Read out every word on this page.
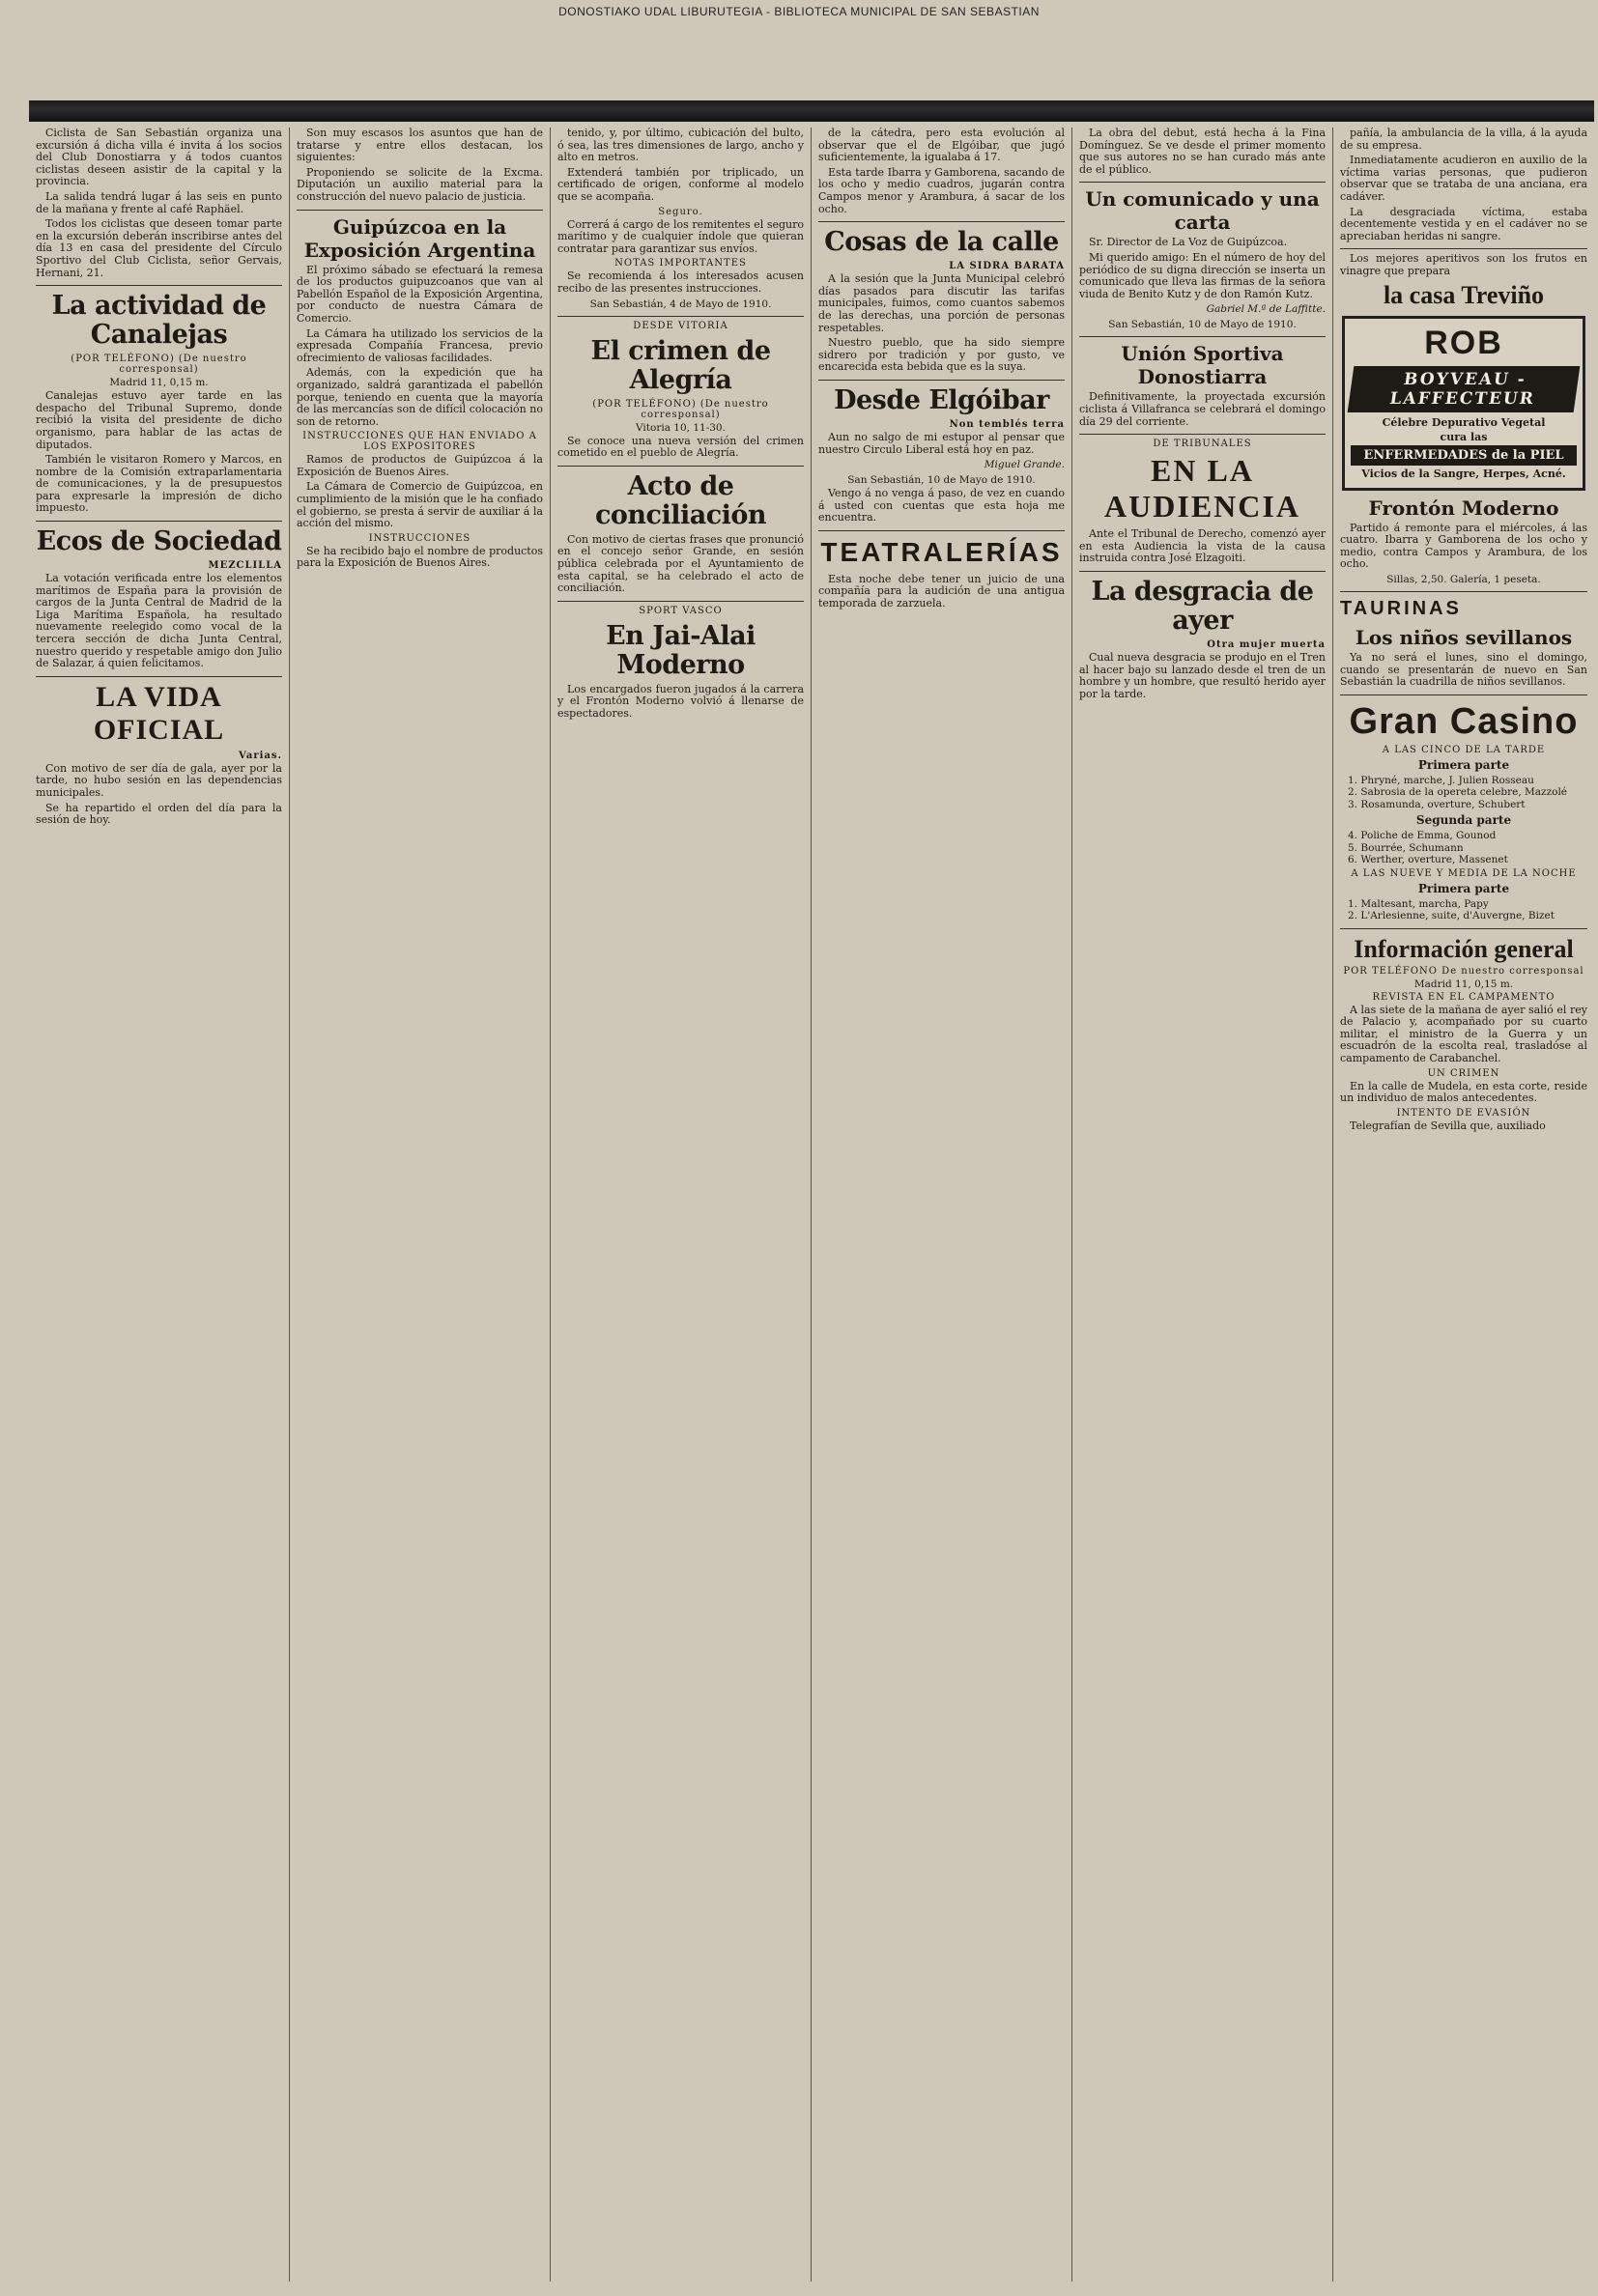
DONOSTIAKO UDAL LIBURUTEGIA - BIBLIOTECA MUNICIPAL DE SAN SEBASTIAN

Ciclista de San Sebastián organiza una excursión á dicha villa é invita á los socios del Club Donostiarra y á todos cuantos ciclistas deseen asistir de la capital y la provincia.

La salida tendrá lugar á las seis en punto de la mañana y frente al café Raphäel.

Todos los ciclistas que deseen tomar parte en la excursión deberán inscribirse antes del día 13 en casa del presidente del Círculo Sportivo del Club Ciclista, señor Gervais, Hernani, 21.

La actividad de Canalejas
(POR TELÉFONO) (De nuestro corresponsal)
Madrid 11, 0,15 m.

Canalejas estuvo ayer tarde en las despacho del Tribunal Supremo, donde recibió la visita del presidente de dicho organismo, para hablar de las actas de diputados.

También le visitaron Romero y Marcos, en nombre de la Comisión extraparlamentaria de comunicaciones, y la de presupuestos para expresarle la impresión de dicho impuesto.

Ecos de Sociedad
MEZCLILLA

La votación verificada entre los elementos marítimos de España para la provisión de cargos de la Junta Central de Madrid de la Liga Marítima Española, ha resultado nuevamente reelegido como vocal de la tercera sección de dicha Junta Central, nuestro querido y respetable amigo don Julio de Salazar, á quien felicitamos.

LA VIDA OFICIAL
Varias.

Con motivo de ser día de gala, ayer por la tarde, no hubo sesión en las dependencias municipales.

Se ha repartido el orden del día para la sesión de hoy.

Son muy escasos los asuntos que han de tratarse y entre ellos destacan, los siguientes:

Proponiendo se solicite de la Excma. Diputación un auxilio material para la construcción del nuevo palacio de justicia.

Guipúzcoa en la Exposición Argentina

El próximo sábado se efectuará la remesa de los productos guipuzcoanos que van al Pabellón Español de la Exposición Argentina, por conducto de nuestra Cámara de Comercio.

La Cámara ha utilizado los servicios de la expresada Compañía Francesa, previo ofrecimiento de valiosas facilidades.

Además, con la expedición que ha organizado, saldrá garantizada el pabellón porque, teniendo en cuenta que la mayoría de las mercancías son de difícil colocación no son de retorno.

INSTRUCCIONES QUE HAN ENVIADO A LOS EXPOSITORES

Ramos de productos de Guipúzcoa á la Exposición de Buenos Aires.

La Cámara de Comercio de Guipúzcoa, en cumplimiento de la misión que le ha confiado el gobierno, se presta á servir de auxiliar á la acción del mismo.

INSTRUCCIONES

Se ha recibido bajo el nombre de productos para la Exposición de Buenos Aires.

tenido, y, por último, cubicación del bulto, ó sea, las tres dimensiones de largo, ancho y alto en metros.

Extenderá también por triplicado, un certificado de origen, conforme al modelo que se acompaña.

Seguro.

Correrá á cargo de los remitentes el seguro marítimo y de cualquier índole que quieran contratar para garantizar sus envíos.

NOTAS IMPORTANTES

Se recomienda á los interesados acusen recibo de las presentes instrucciones.

San Sebastián, 4 de Mayo de 1910.
DESDE VITORIA
El crimen de Alegría
(POR TELÉFONO) (De nuestro corresponsal)
Vitoria 10, 11-30.

Se conoce una nueva versión del crimen cometido en el pueblo de Alegría.

Acto de conciliación

Con motivo de ciertas frases que pronunció en el concejo señor Grande, en sesión pública celebrada por el Ayuntamiento de esta capital, se ha celebrado el acto de conciliación.

SPORT VASCO
En Jai-Alai Moderno

Los encargados fueron jugados á la carrera y el Frontón Moderno volvió á llenarse de espectadores.

de la cátedra, pero esta evolución al observar que el de Elgóibar, que jugó suficientemente, la igualaba á 17.

Esta tarde Ibarra y Gamborena, sacando de los ocho y medio cuadros, jugarán contra Campos menor y Arambura, á sacar de los ocho.

Cosas de la calle
LA SIDRA BARATA

A la sesión que la Junta Municipal celebró días pasados para discutir las tarifas municipales, fuimos, como cuantos sabemos de las derechas, una porción de personas respetables.

Nuestro pueblo, que ha sido siempre sidrero por tradición y por gusto, ve encarecida esta bebida que es la suya.

Desde Elgóibar
Non temblés terra

Aun no salgo de mi estupor al pensar que nuestro Circulo Liberal está hoy en paz.

Miguel Grande.
San Sebastián, 10 de Mayo de 1910.

Vengo á no venga á paso, de vez en cuando á usted con cuentas que esta hoja me encuentra.

TEATRALERÍAS

Esta noche debe tener un juicio de una compañía para la audición de una antigua temporada de zarzuela.

La obra del debut, está hecha á la Fina Domínguez. Se ve desde el primer momento que sus autores no se han curado más ante de el público.

Un comunicado y una carta

Sr. Director de La Voz de Guipúzcoa.

Mi querido amigo: En el número de hoy del periódico de su digna dirección se inserta un comunicado que lleva las firmas de la señora viuda de Benito Kutz y de don Ramón Kutz.

Gabriel M.ª de Laffitte.
San Sebastián, 10 de Mayo de 1910.
Unión Sportiva Donostiarra

Definitivamente, la proyectada excursión ciclista á Villafranca se celebrará el domingo día 29 del corriente.

DE TRIBUNALES
EN LA AUDIENCIA

Ante el Tribunal de Derecho, comenzó ayer en esta Audiencia la vista de la causa instruida contra José Elzagoiti.

La desgracia de ayer
Otra mujer muerta

Cual nueva desgracia se produjo en el Tren al hacer bajo su lanzado desde el tren de un hombre y un hombre, que resultó herido ayer por la tarde.

pañía, la ambulancia de la villa, á la ayuda de su empresa.

Inmediatamente acudieron en auxilio de la víctima varias personas, que pudieron observar que se trataba de una anciana, era cadáver.

La desgraciada víctima, estaba decentemente vestida y en el cadáver no se apreciaban heridas ni sangre.

Los mejores aperitivos son los frutos en vinagre que prepara

la casa Treviño
ROB
BOYVEAU - LAFFECTEUR
Célebre Depurativo Vegetal
cura las
ENFERMEDADES de la PIEL
Vicios de la Sangre, Herpes, Acné.
Frontón Moderno

Partido á remonte para el miércoles, á las cuatro. Ibarra y Gamborena de los ocho y medio, contra Campos y Arambura, de los ocho.

Sillas, 2,50. Galería, 1 peseta.
TAURINAS
Los niños sevillanos

Ya no será el lunes, sino el domingo, cuando se presentarán de nuevo en San Sebastián la cuadrilla de niños sevillanos.

Gran Casino
A LAS CINCO DE LA TARDE
Primera parte
1. Phryné, marche, J. Julien Rosseau
2. Sabrosia de la opereta celebre, Mazzolé
3. Rosamunda, overture, Schubert
Segunda parte
4. Poliche de Emma, Gounod
5. Bourrée, Schumann
6. Werther, overture, Massenet
A LAS NUEVE Y MEDIA DE LA NOCHE
Primera parte
1. Maltesant, marcha, Papy
2. L'Arlesienne, suite, d'Auvergne, Bizet
Información general
POR TELÉFONO De nuestro corresponsal
Madrid 11, 0,15 m.
REVISTA EN EL CAMPAMENTO

A las siete de la mañana de ayer salió el rey de Palacio y, acompañado por su cuarto militar, el ministro de la Guerra y un escuadrón de la escolta real, trasladóse al campamento de Carabanchel.

UN CRIMEN

En la calle de Mudela, en esta corte, reside un individuo de malos antecedentes.

INTENTO DE EVASIÓN

Telegrafían de Sevilla que, auxiliado
